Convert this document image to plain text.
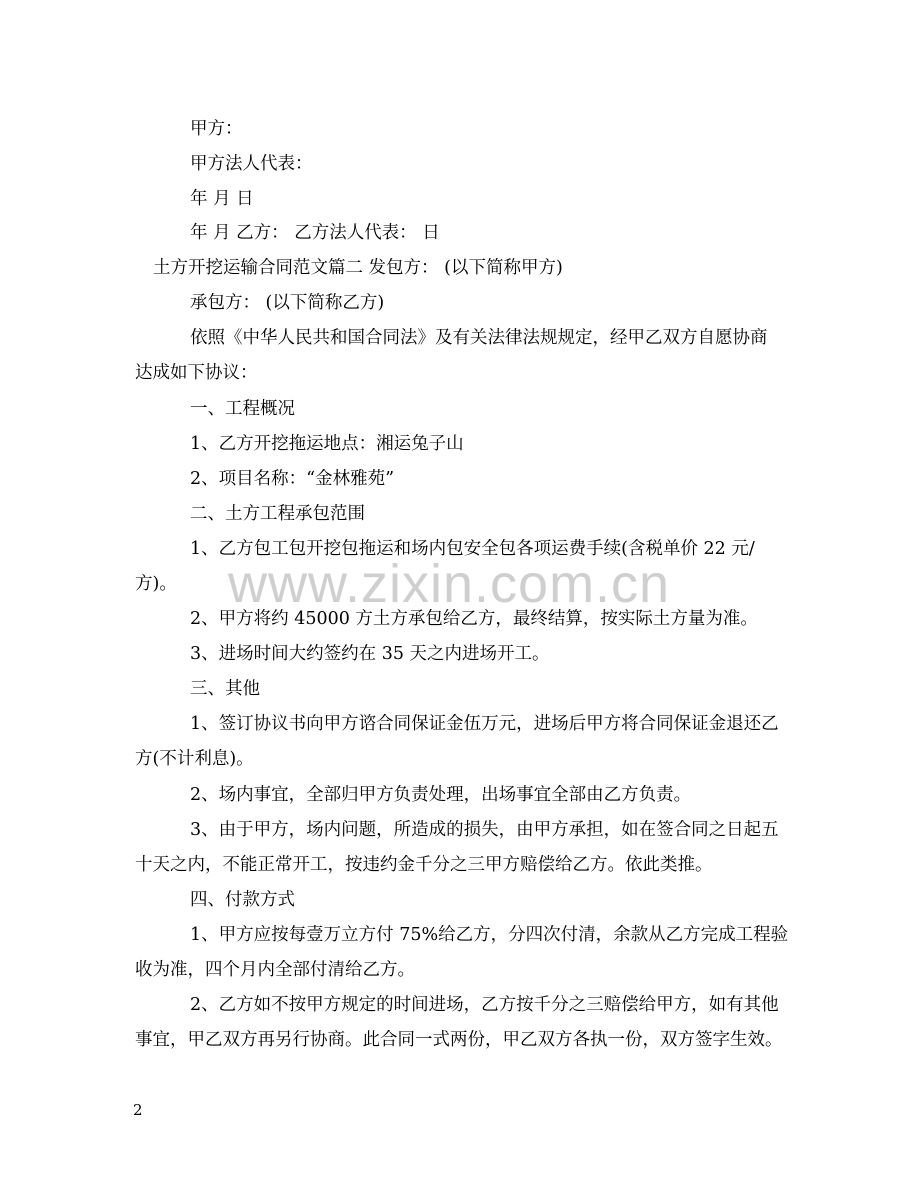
甲方：
甲方法人代表：
年 月 日
年 月 乙方： 乙方法人代表： 日
土方开挖运输合同范文篇二 发包方： (以下简称甲方)
承包方： (以下简称乙方)
依照《中华人民共和国合同法》及有关法律法规规定，经甲乙双方自愿协商
达成如下协议：
一、工程概况
1、乙方开挖拖运地点：湘运兔子山
2、项目名称：“金林雅苑”
二、土方工程承包范围
1、乙方包工包开挖包拖运和场内包安全包各项运费手续(含税单价 22 元/
方)。
2、甲方将约 45000 方土方承包给乙方，最终结算，按实际土方量为准。
3、进场时间大约签约在 35 天之内进场开工。
三、其他
1、签订协议书向甲方谘合同保证金伍万元，进场后甲方将合同保证金退还乙
方(不计利息)。
2、场内事宜，全部归甲方负责处理，出场事宜全部由乙方负责。
3、由于甲方，场内问题，所造成的损失，由甲方承担，如在签合同之日起五
十天之内，不能正常开工，按违约金千分之三甲方赔偿给乙方。依此类推。
四、付款方式
1、甲方应按每壹万立方付 75%给乙方，分四次付清，余款从乙方完成工程验
收为准，四个月内全部付清给乙方。
2、乙方如不按甲方规定的时间进场，乙方按千分之三赔偿给甲方，如有其他
事宜，甲乙双方再另行协商。此合同一式两份，甲乙双方各执一份，双方签字生效。
www.zixin.com.cn
2
